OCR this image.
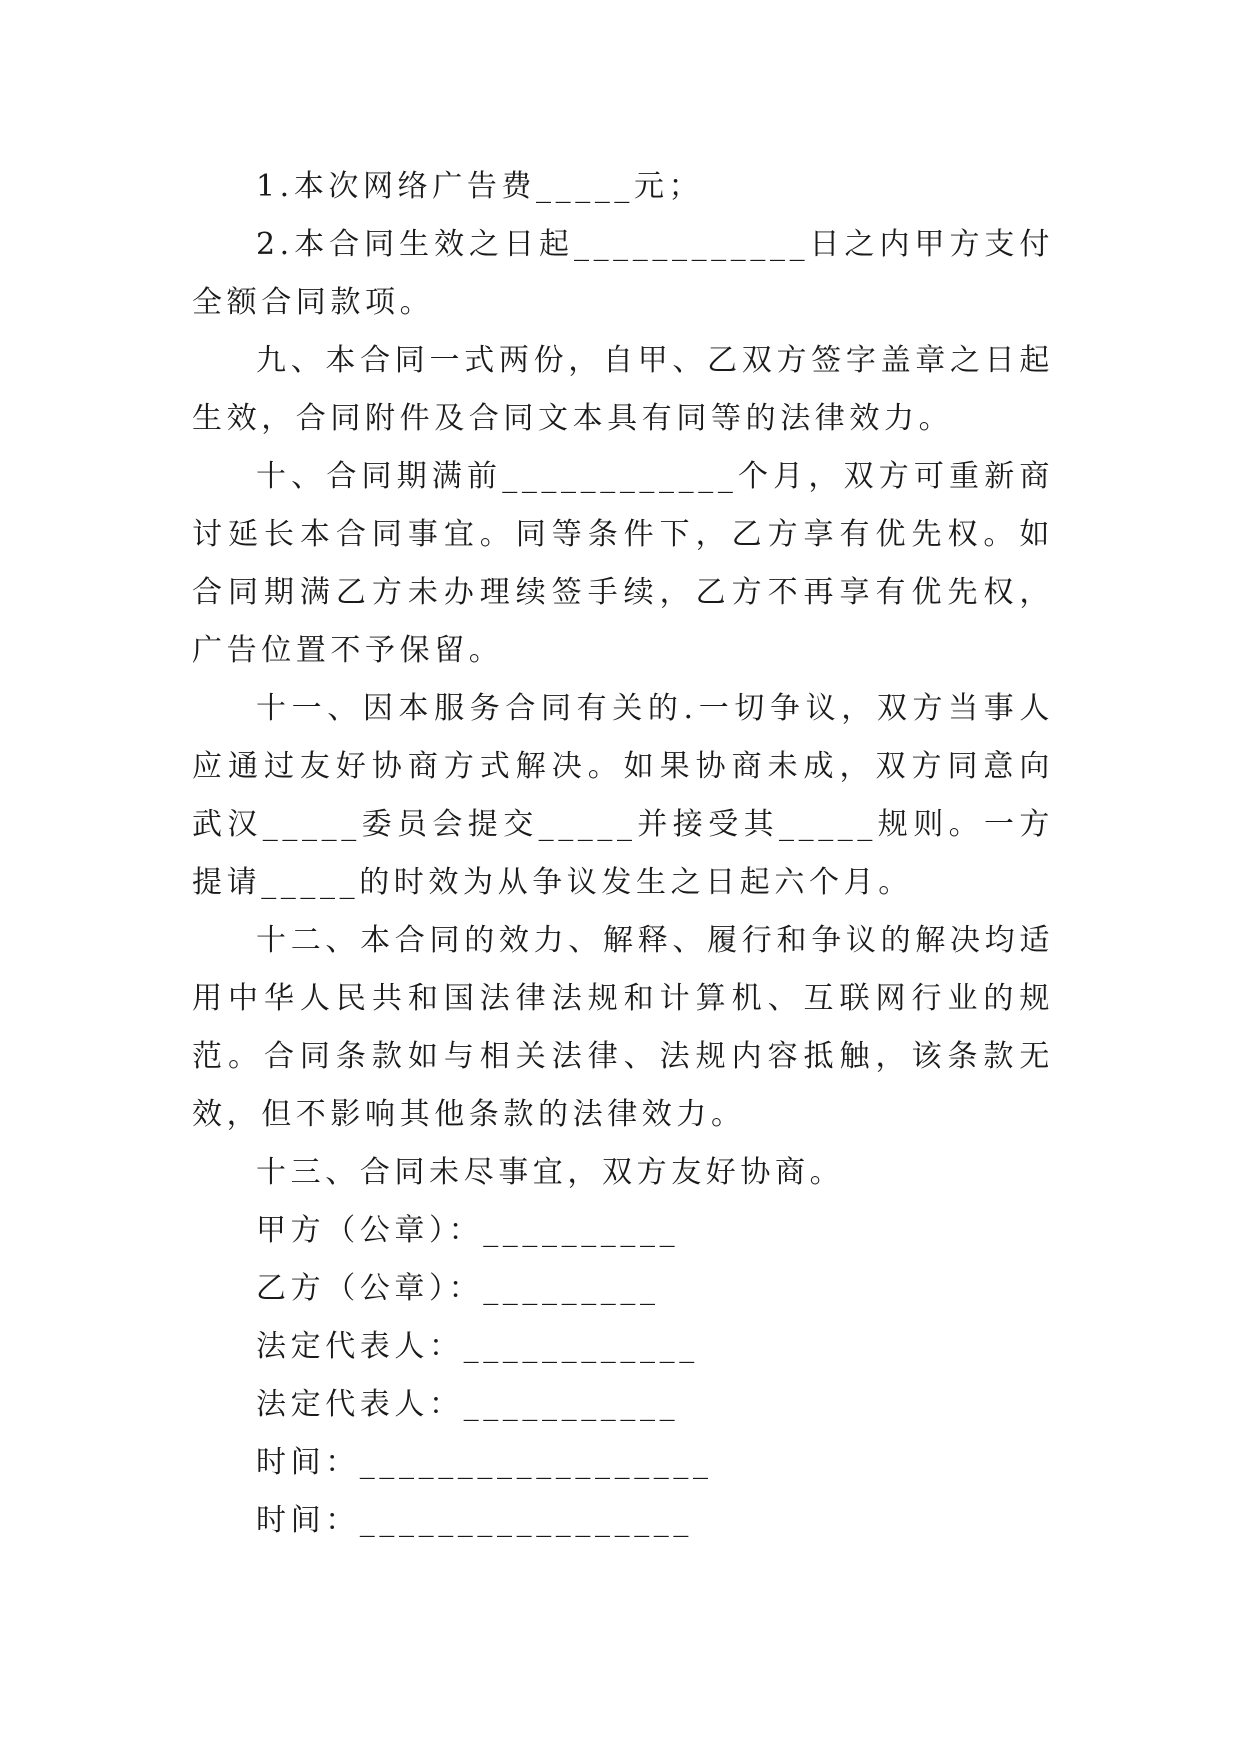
1.本次网络广告费_____元；

2.本合同生效之日起____________日之内甲方支付全额合同款项。

九、本合同一式两份，自甲、乙双方签字盖章之日起生效，合同附件及合同文本具有同等的法律效力。

十、合同期满前____________个月，双方可重新商讨延长本合同事宜。同等条件下，乙方享有优先权。如合同期满乙方未办理续签手续，乙方不再享有优先权，广告位置不予保留。

十一、因本服务合同有关的.一切争议，双方当事人应通过友好协商方式解决。如果协商未成，双方同意向武汉_____委员会提交_____并接受其_____规则。一方提请_____的时效为从争议发生之日起六个月。

十二、本合同的效力、解释、履行和争议的解决均适用中华人民共和国法律法规和计算机、互联网行业的规范。合同条款如与相关法律、法规内容抵触，该条款无效，但不影响其他条款的法律效力。

十三、合同未尽事宜，双方友好协商。

甲方（公章）：__________

乙方（公章）：_________

法定代表人：____________

法定代表人：___________

时间：__________________

时间：_________________
